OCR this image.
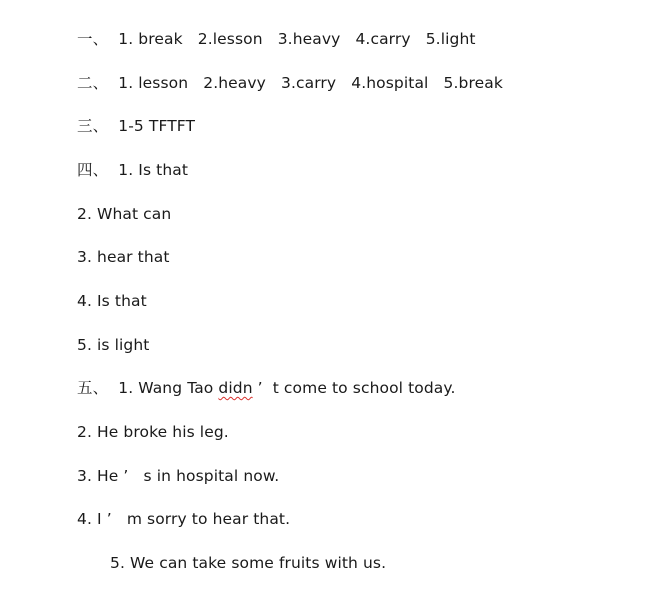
一、  1. break   2.lesson   3.heavy   4.carry   5.light
二、  1. lesson   2.heavy   3.carry   4.hospital   5.break
三、  1-5 TFTFT
四、  1. Is that
2. What can
3. hear that
4. Is that
5. is light
五、  1. Wang Tao didn ’  t come to school today.
2. He broke his leg.
3. He ’   s in hospital now.
4. I ’   m sorry to hear that.
5. We can take some fruits with us.
